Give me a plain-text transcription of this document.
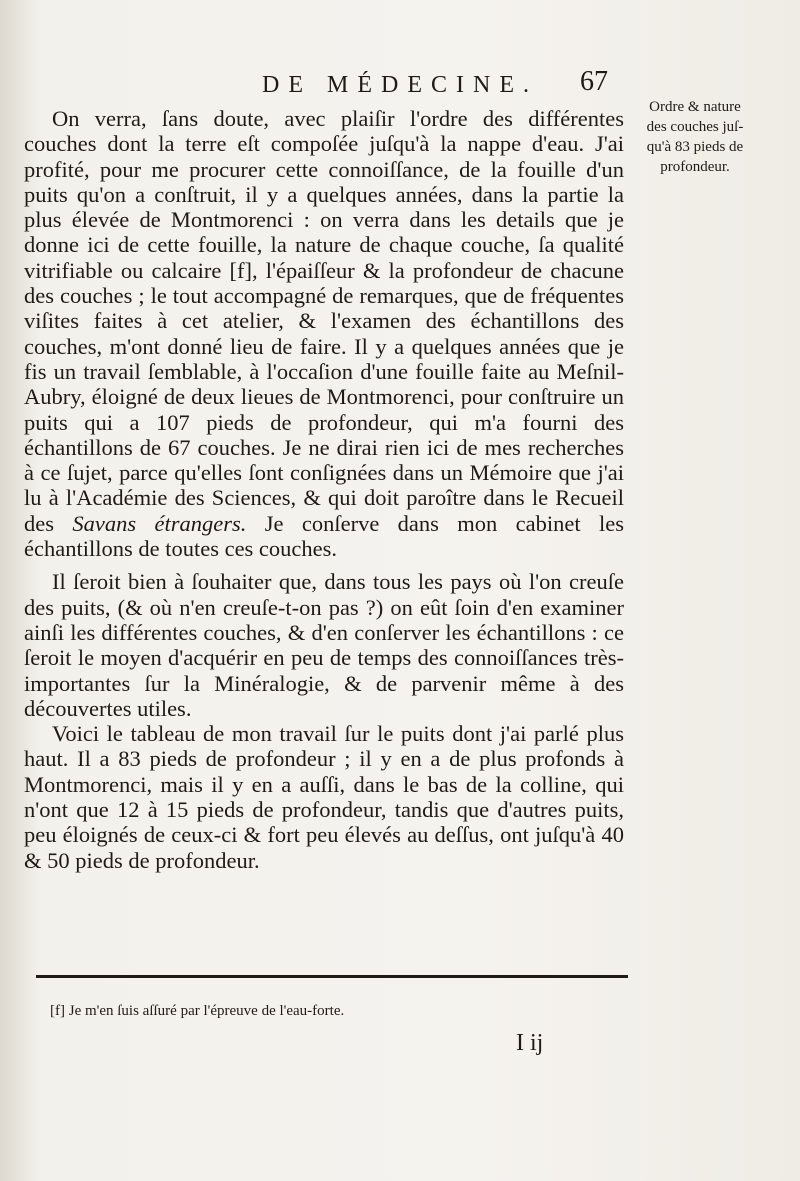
DE MÉDECINE.	67
Ordre & nature
des couches juſ-
qu'à 83 pieds de
profondeur.

On verra, ſans doute, avec plaiſir l'ordre des différentes couches dont la terre eſt compoſée juſqu'à la nappe d'eau. J'ai profité, pour me procurer cette connoiſſance, de la fouille d'un puits qu'on a conſtruit, il y a quelques années, dans la partie la plus élevée de Montmorenci : on verra dans les details que je donne ici de cette fouille, la nature de chaque couche, ſa qualité vitrifiable ou calcaire [f], l'épaiſſeur & la profondeur de chacune des couches ; le tout accompagné de remarques, que de fréquentes viſites faites à cet atelier, & l'examen des échantillons des couches, m'ont donné lieu de faire. Il y a quelques années que je fis un travail ſemblable, à l'occaſion d'une fouille faite au Meſnil-Aubry, éloigné de deux lieues de Montmorenci, pour conſtruire un puits qui a 107 pieds de profondeur, qui m'a fourni des échantillons de 67 couches. Je ne dirai rien ici de mes recherches à ce ſujet, parce qu'elles ſont conſignées dans un Mémoire que j'ai lu à l'Académie des Sciences, & qui doit paroître dans le Recueil des Savans étrangers. Je conſerve dans mon cabinet les échantillons de toutes ces couches.

Il ſeroit bien à ſouhaiter que, dans tous les pays où l'on creuſe des puits, (& où n'en creuſe-t-on pas ?) on eût ſoin d'en examiner ainſi les différentes couches, & d'en conſerver les échantillons : ce ſeroit le moyen d'acquérir en peu de temps des connoiſſances très-importantes ſur la Minéralogie, & de parvenir même à des découvertes utiles.

Voici le tableau de mon travail ſur le puits dont j'ai parlé plus haut. Il a 83 pieds de profondeur ; il y en a de plus profonds à Montmorenci, mais il y en a auſſi, dans le bas de la colline, qui n'ont que 12 à 15 pieds de profondeur, tandis que d'autres puits, peu éloignés de ceux-ci & fort peu élevés au deſſus, ont juſqu'à 40 & 50 pieds de profondeur.

[f] Je m'en ſuis aſſuré par l'épreuve de l'eau-forte.
I ij
